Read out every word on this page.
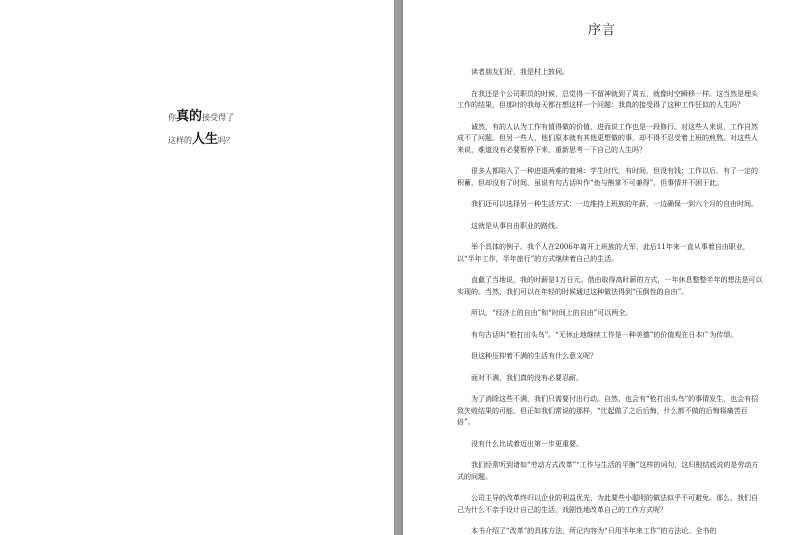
你真的接受得了
这样的人生吗？
序言

读者朋友们好，我是村上敦伺。

在我还是个公司职员的时候，总觉得一不留神就到了周五，就像时空瞬移一样。这当然是埋头工作的结果，但那时的我每天都在想这样一个问题：我真的接受得了这种工作狂似的人生吗？

诚然，有的人认为工作有值得做的价值，进而说工作也是一段修行。对这些人来说，工作自然成不了问题。但另一些人，他们原本就有其他更想做的事，却不得不忍受着上班的煎熬。对这些人来说，难道没有必要暂停下来，重新思考一下自己的人生吗？

很多人都陷入了一种进退两难的窘境：学生时代，有时间，但没有钱；工作以后，有了一定的积蓄，但却没有了时间。虽说有句古话叫作“鱼与熊掌不可兼得”，但事情并不困于此。

我们还可以选择另一种生活方式：一边维持上班族的年薪，一边确保一到六个月的自由时间。

这就是从事自由职业的路线。

举个具体的例子。我个人在2006年离开上班族的大军，此后11年来一直从事着自由职业，以“半年工作，半年旅行”的方式继续着自己的生活。

直截了当地说，我的时薪是1万日元。借由取得高时薪的方式，一年休息整整半年的想法是可以实现的。当然，我们可以在年轻的时候通过这种做法得到“压倒性的自由”。

所以，“经济上的自由”和“时间上的自由”可以两全。

有句古话叫“枪打出头鸟”。“无休止地继续工作是一种美德”的价值观在日本广为传颂。

但这种压抑着不满的生活有什么意义呢？

面对不满，我们真的没有必要忍耐。

为了消除这些不满，我们只需要付出行动。自然，也会有“枪打出头鸟”的事情发生，也会有招致失败结果的可能。但正如我们常说的那样，“比起做了之后后悔，什么都不做的后悔将痛苦百倍”。

没有什么比试着迈出第一步更重要。

我们经常听到诸如“劳动方式改革”“工作与生活的平衡”这样的词句，这归根结底说的是劳动方式的问题。

公司主导的改革终归以企业的利益优先，为此要些小聪明的做法似乎不可避免。那么，我们自己为什么不亲手设计自己的生活，戏剧性地改革自己的工作方式呢？

本书介绍了“改革”的具体方法，所记内容为“只用半年来工作”的方法论。全书的
